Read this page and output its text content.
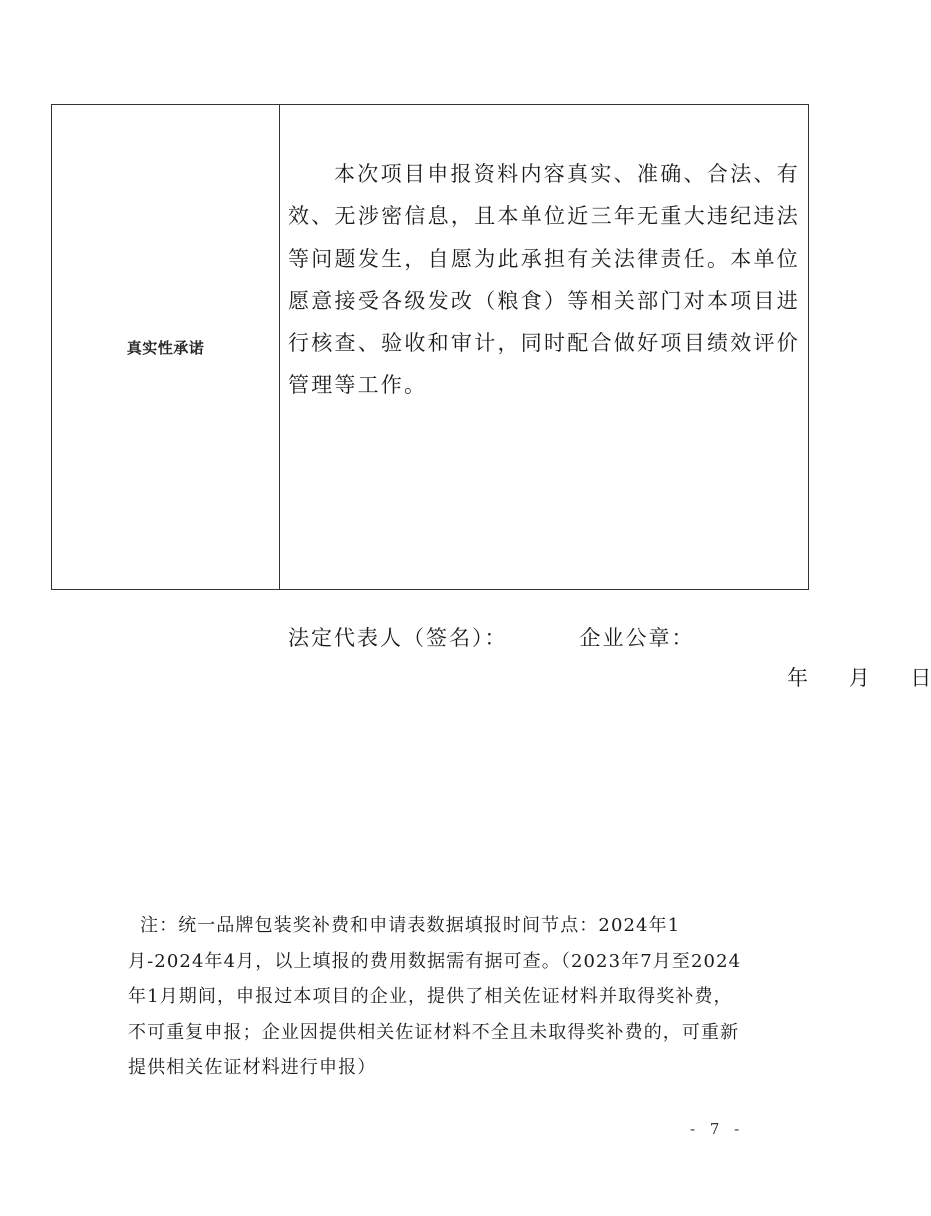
真实性承诺

本次项目申报资料内容真实、准确、合法、有效、无涉密信息，且本单位近三年无重大违纪违法等问题发生，自愿为此承担有关法律责任。本单位愿意接受各级发改（粮食）等相关部门对本项目进行核查、验收和审计，同时配合做好项目绩效评价管理等工作。

法定代表人（签名）：	企业公章：
年 月 日

注：统一品牌包装奖补费和申请表数据填报时间节点：2024年1月-2024年4月，以上填报的费用数据需有据可查。（2023年7月至2024年1月期间，申报过本项目的企业，提供了相关佐证材料并取得奖补费，不可重复申报；企业因提供相关佐证材料不全且未取得奖补费的，可重新提供相关佐证材料进行申报）

- 7 -
